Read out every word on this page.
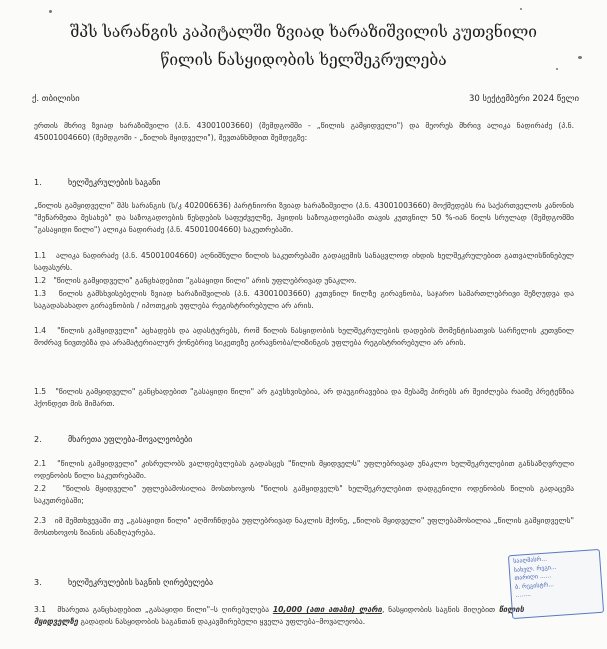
შპს სარანგის კაპიტალში ზვიად ხარაზიშვილის კუთვნილი
წილის ნასყიდობის ხელშეკრულება
ქ. თბილისი	30 სექტემბერი 2024 წელი
ერთის მხრივ ზვიად ხარაზიშვილი (პ.ნ. 43001003660) (შემდგომში - „წილის გამყიდველი") და მეორეს მხრივ ალიკა ნადირაძე (პ.ნ. 45001004660) (შემდგომი - „წილის მყიდველი"), შევთანხმდით შემდეგზე:
1.	ხელშეკრულების საგანი
„წილის გამყიდველი" შპს სარანგის (ს/კ 402006636) პარტნიორი ზვიად ხარაზიშვილი (პ.ნ. 43001003660) მოქმედებს რა საქართველოს კანონის "მეწარმეთა შესახებ" და საზოგადოების წესდების საფუძველზე, ჰყიდის საზოგადოებაში თავის კუთვნილ 50 %-იან წილს სრულად (შემდგომში "გასაყიდი წილი") ალიკა ნადირაძე (პ.ნ. 45001004660) საკუთრებაში.
1.1 ალიკა ნადირაძე (პ.ნ. 45001004660) აღნიშნული წილის საკუთრებაში გადაცემის სანაცვლოდ იხდის ხელშეკრულებით გათვალისწინებულ საფასურს.
1.2 "წილის გამყიდველი" განცხადებით "გასაყიდი წილი" არის უფლებრივად უნაკლო.
1.3 წილის გამსხვისებელის ზვიად ხარაზიშვილის (პ.ნ. 43001003660) კუთვნილ წილზე გირავნობა, საჯარო სამართლებრივი შეზღუდვა და საგადასახადო გირავნობის / იპოთეკის უფლება რეგისტრირებული არ არის.
1.4 "წილის გამყიდველი" აცხადებს და ადასტურებს, რომ წილის ნასყიდობის ხელშეკრულების დადების მომენტისათვის სარჩელის კუთვნილ მოძრავ ნივთებზა და არამატერიალურ ქონებრივ სიკეთეზე გირავნობა/ლიზინგის უფლება რეგისტრირებული არ არის.
1.5 "წილის გამყიდველი" განცხადებით "გასაყიდი წილი" არ გაუსხვისებია, არ დაუგირავებია და მესამე პირებს არ შეიძლება რაიმე პრეტენზია ჰქონდეთ მის მიმართ.
2.	მხარეთა უფლება-მოვალეობები
2.1 "წილის გამყიდველი" კისრულობს ვალდებულებას გადასცეს "წილის მყიდველს" უფლებრივად უნაკლო ხელშეკრულებით განსაზღვრული ოდენობის წილი საკუთრებაში.
2.2 "წილის მყიდველი" უფლებამოსილია მოსთხოვოს "წილის გამყიდველს" ხელშეკრულებით დადგენილი ოდენობის წილის გადაცემა საკუთრებაში;
2.3 იმ შემთხვევაში თუ „გასაყიდი წილი" აღმოჩნდება უფლებრივად ნაკლის მქონე, „წილის მყიდველი" უფლებამოსილია „წილის გამყიდველს" მოსთხოვოს ზიანის ანაზღაურება.
3.	ხელშეკრულების საგნის ღირებულება
3.1 მხარეთა განცხადებით „გასაყიდი წილი"–ს ღირებულება 10,000 (ათი ათასი) ლარი, ნასყიდობის საგნის მიღებით წილის მყიდველზე გადადის ნასყიდობის საგანთან დაკავშირებული ყველა უფლება–მოვალეობა.
სააღმასრ...
სახელ. რეგი...
თარიღი ......
ბ. რეგისტრ...
........
